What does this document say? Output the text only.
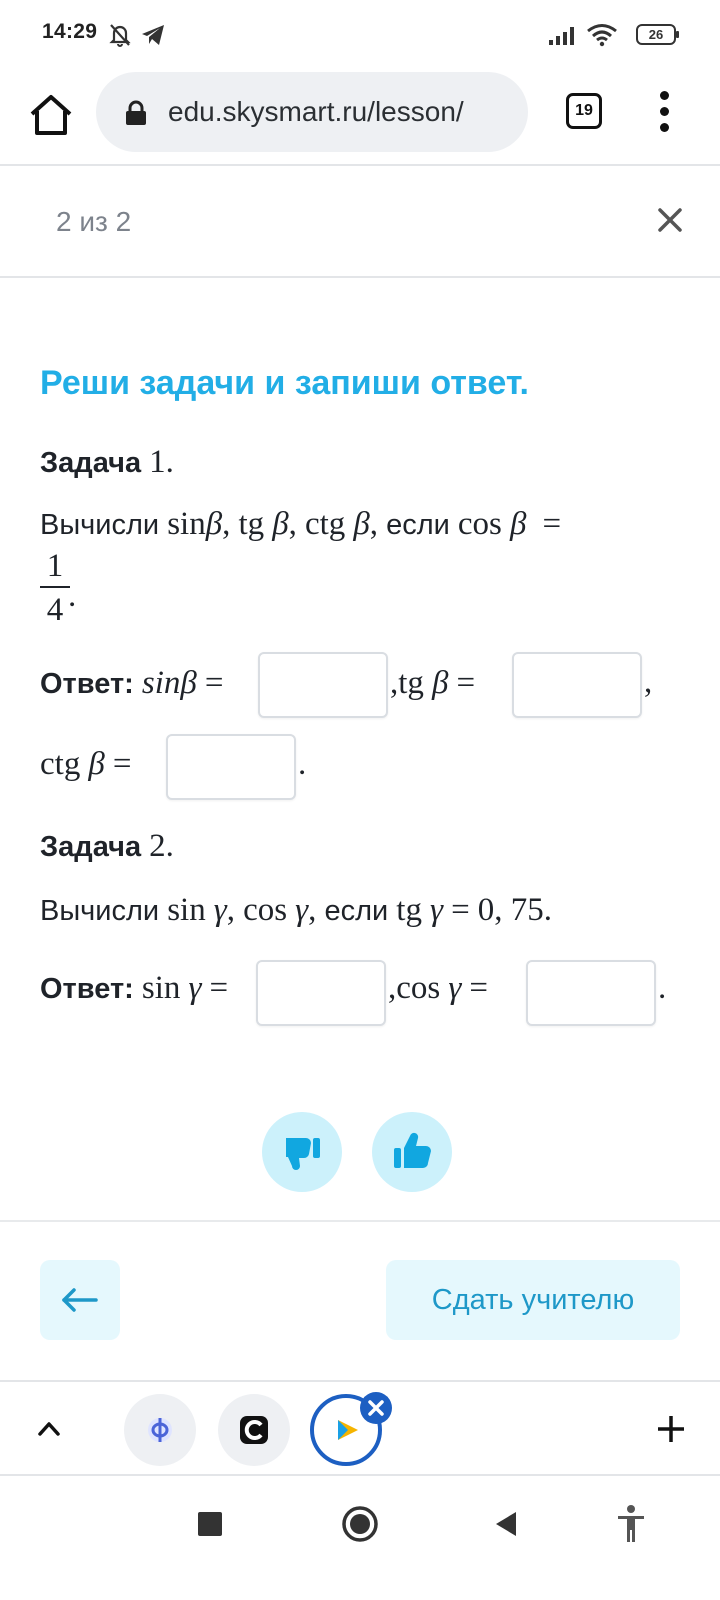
14:29	26
edu.skysmart.ru/lesson/	19
2 из 2
Реши задачи и запиши ответ.
Задача 1.
Вычисли sinβ, tg β, ctg β, если cos β =
1
4 .
Ответ: sinβ =	,tg β =	,
ctg β =	.
Задача 2.
Вычисли sin γ, cos γ, если tg γ = 0, 75.
Ответ: sin γ =	,cos γ =	.
Сдать учителю
